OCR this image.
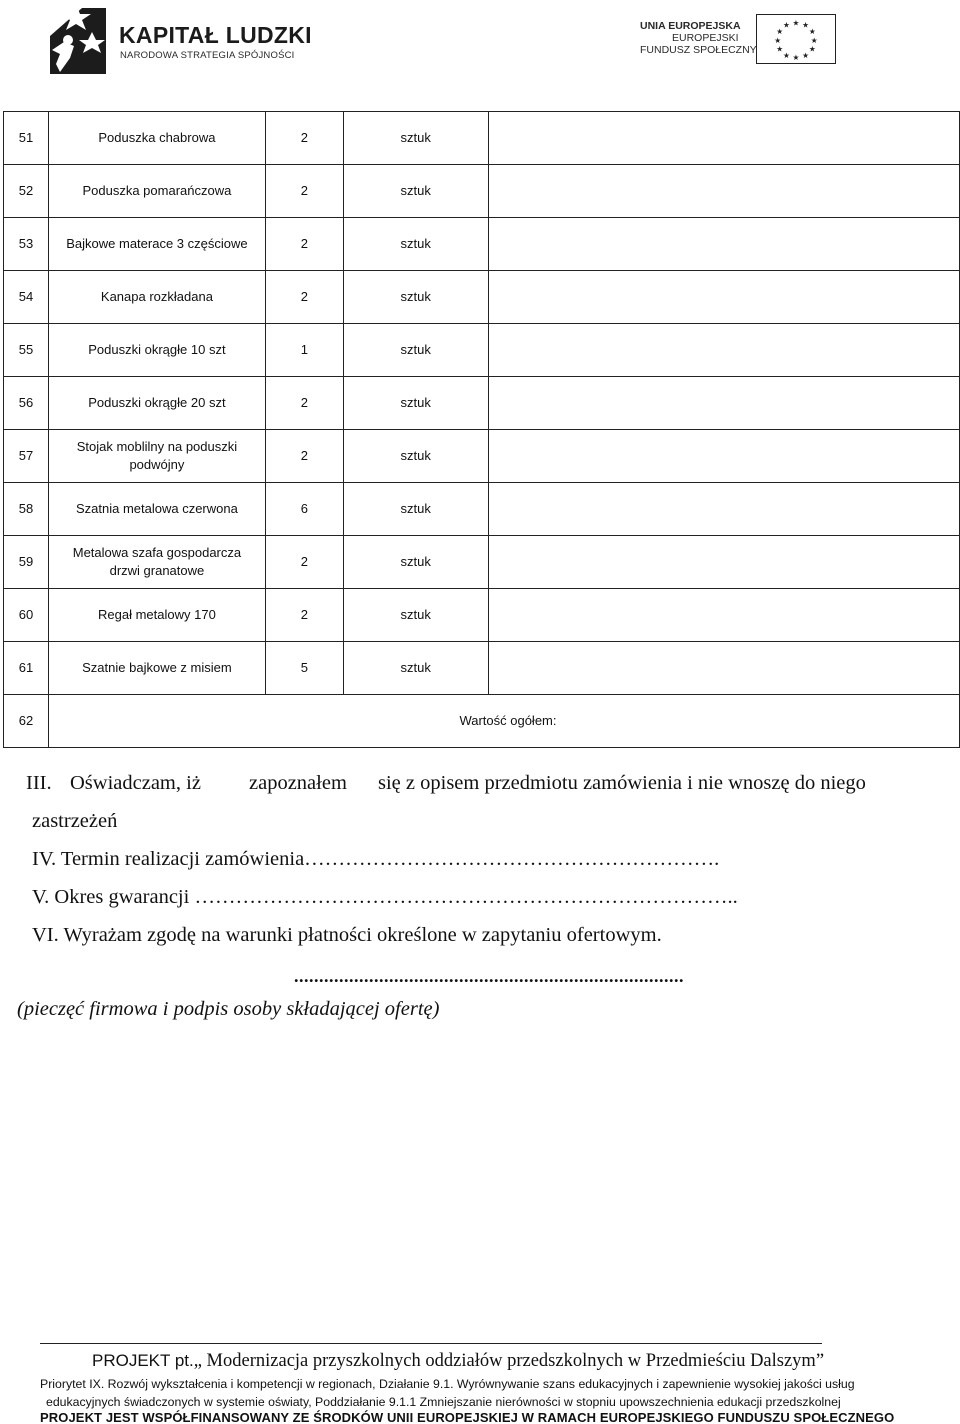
KAPITAŁ LUDZKI
NARODOWA STRATEGIA SPÓJNOŚCI
UNIA EUROPEJSKA
EUROPEJSKI
FUNDUSZ SPOŁECZNY
★ ★
★
★
★
★
★
★
★
★
★
★
51	Poduszka chabrowa	2	sztuk	
52	Poduszka pomarańczowa	2	sztuk	
53	Bajkowe materace 3 częściowe	2	sztuk	
54	Kanapa rozkładana	2	sztuk	
55	Poduszki okrągłe 10 szt	1	sztuk	
56	Poduszki okrągłe 20 szt	2	sztuk	
57	Stojak moblilny na poduszki podwójny	2	sztuk	
58	Szatnia metalowa czerwona	6	sztuk	
59	Metalowa szafa gospodarcza drzwi granatowe	2	sztuk	
60	Regał metalowy 170	2	sztuk	
61	Szatnie bajkowe z misiem	5	sztuk	
62	Wartość ogółem:			
III. Oświadczam, iż zapoznałem się z opisem przedmiotu zamówienia i nie wnoszę do niego
zastrzeżeń
IV. Termin realizacji zamówienia…………………………………………………….
V. Okres gwarancji ……………………………………………………………………..
VI. Wyrażam zgodę na warunki płatności określone w zapytaniu ofertowym.
..............................................................................
(pieczęć firmowa i podpis osoby składającej ofertę)
PROJEKT pt.„ Modernizacja przyszkolnych oddziałów przedszkolnych w Przedmieściu Dalszym”
Priorytet IX. Rozwój wykształcenia i kompetencji w regionach, Działanie 9.1. Wyrównywanie szans edukacyjnych i zapewnienie wysokiej jakości usług
edukacyjnych świadczonych w systemie oświaty, Poddziałanie 9.1.1 Zmniejszanie nierówności w stopniu upowszechnienia edukacji przedszkolnej
PROJEKT JEST WSPÓŁFINANSOWANY ZE ŚRODKÓW UNII EUROPEJSKIEJ W RAMACH EUROPEJSKIEGO FUNDUSZU SPOŁECZNEGO
